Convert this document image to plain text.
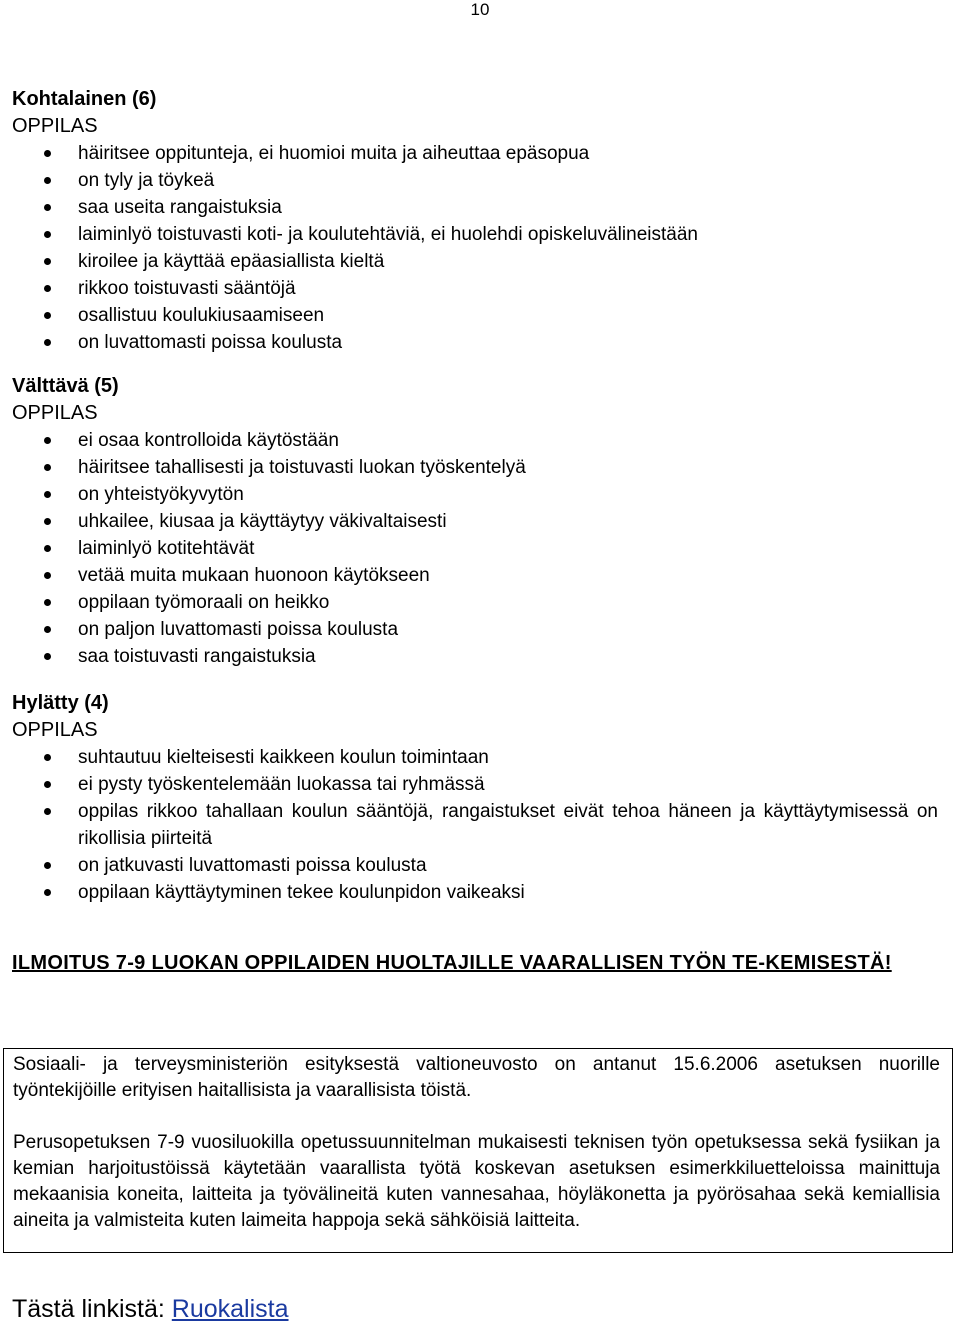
10
Kohtalainen (6)
OPPILAS
häiritsee oppitunteja, ei huomioi muita ja aiheuttaa epäsopua
on tyly ja töykeä
saa useita rangaistuksia
laiminlyö toistuvasti koti- ja koulutehtäviä, ei huolehdi opiskeluvälineistään
kiroilee ja käyttää epäasiallista kieltä
rikkoo toistuvasti sääntöjä
osallistuu koulukiusaamiseen
on luvattomasti poissa koulusta
Välttävä (5)
OPPILAS
ei osaa kontrolloida käytöstään
häiritsee tahallisesti ja toistuvasti luokan työskentelyä
on yhteistyökyvytön
uhkailee, kiusaa ja käyttäytyy väkivaltaisesti
laiminlyö kotitehtävät
vetää muita mukaan huonoon käytökseen
oppilaan työmoraali on heikko
on paljon luvattomasti poissa koulusta
saa toistuvasti rangaistuksia
Hylätty (4)
OPPILAS
suhtautuu kielteisesti kaikkeen koulun toimintaan
ei pysty työskentelemään luokassa tai ryhmässä
oppilas rikkoo tahallaan koulun sääntöjä, rangaistukset eivät tehoa häneen ja käyttäytymisessä on rikollisia piirteitä
on jatkuvasti luvattomasti poissa koulusta
oppilaan käyttäytyminen tekee koulunpidon vaikeaksi
ILMOITUS 7-9 LUOKAN OPPILAIDEN HUOLTAJILLE VAARALLISEN TYÖN TE-KEMISESTÄ!

Sosiaali- ja terveysministeriön esityksestä valtioneuvosto on antanut 15.6.2006 asetuksen nuorille työntekijöille erityisen haitallisista ja vaarallisista töistä.

Perusopetuksen 7-9 vuosiluokilla opetussuunnitelman mukaisesti teknisen työn opetuksessa sekä fysiikan ja kemian harjoitustöissä käytetään vaarallista työtä koskevan asetuksen esimerkkiluetteloissa mainittuja mekaanisia koneita, laitteita ja työvälineitä kuten vannesahaa, höyläkonetta ja pyörösahaa sekä kemiallisia aineita ja valmisteita kuten laimeita happoja sekä sähköisiä laitteita.

Tästä linkistä: Ruokalista
